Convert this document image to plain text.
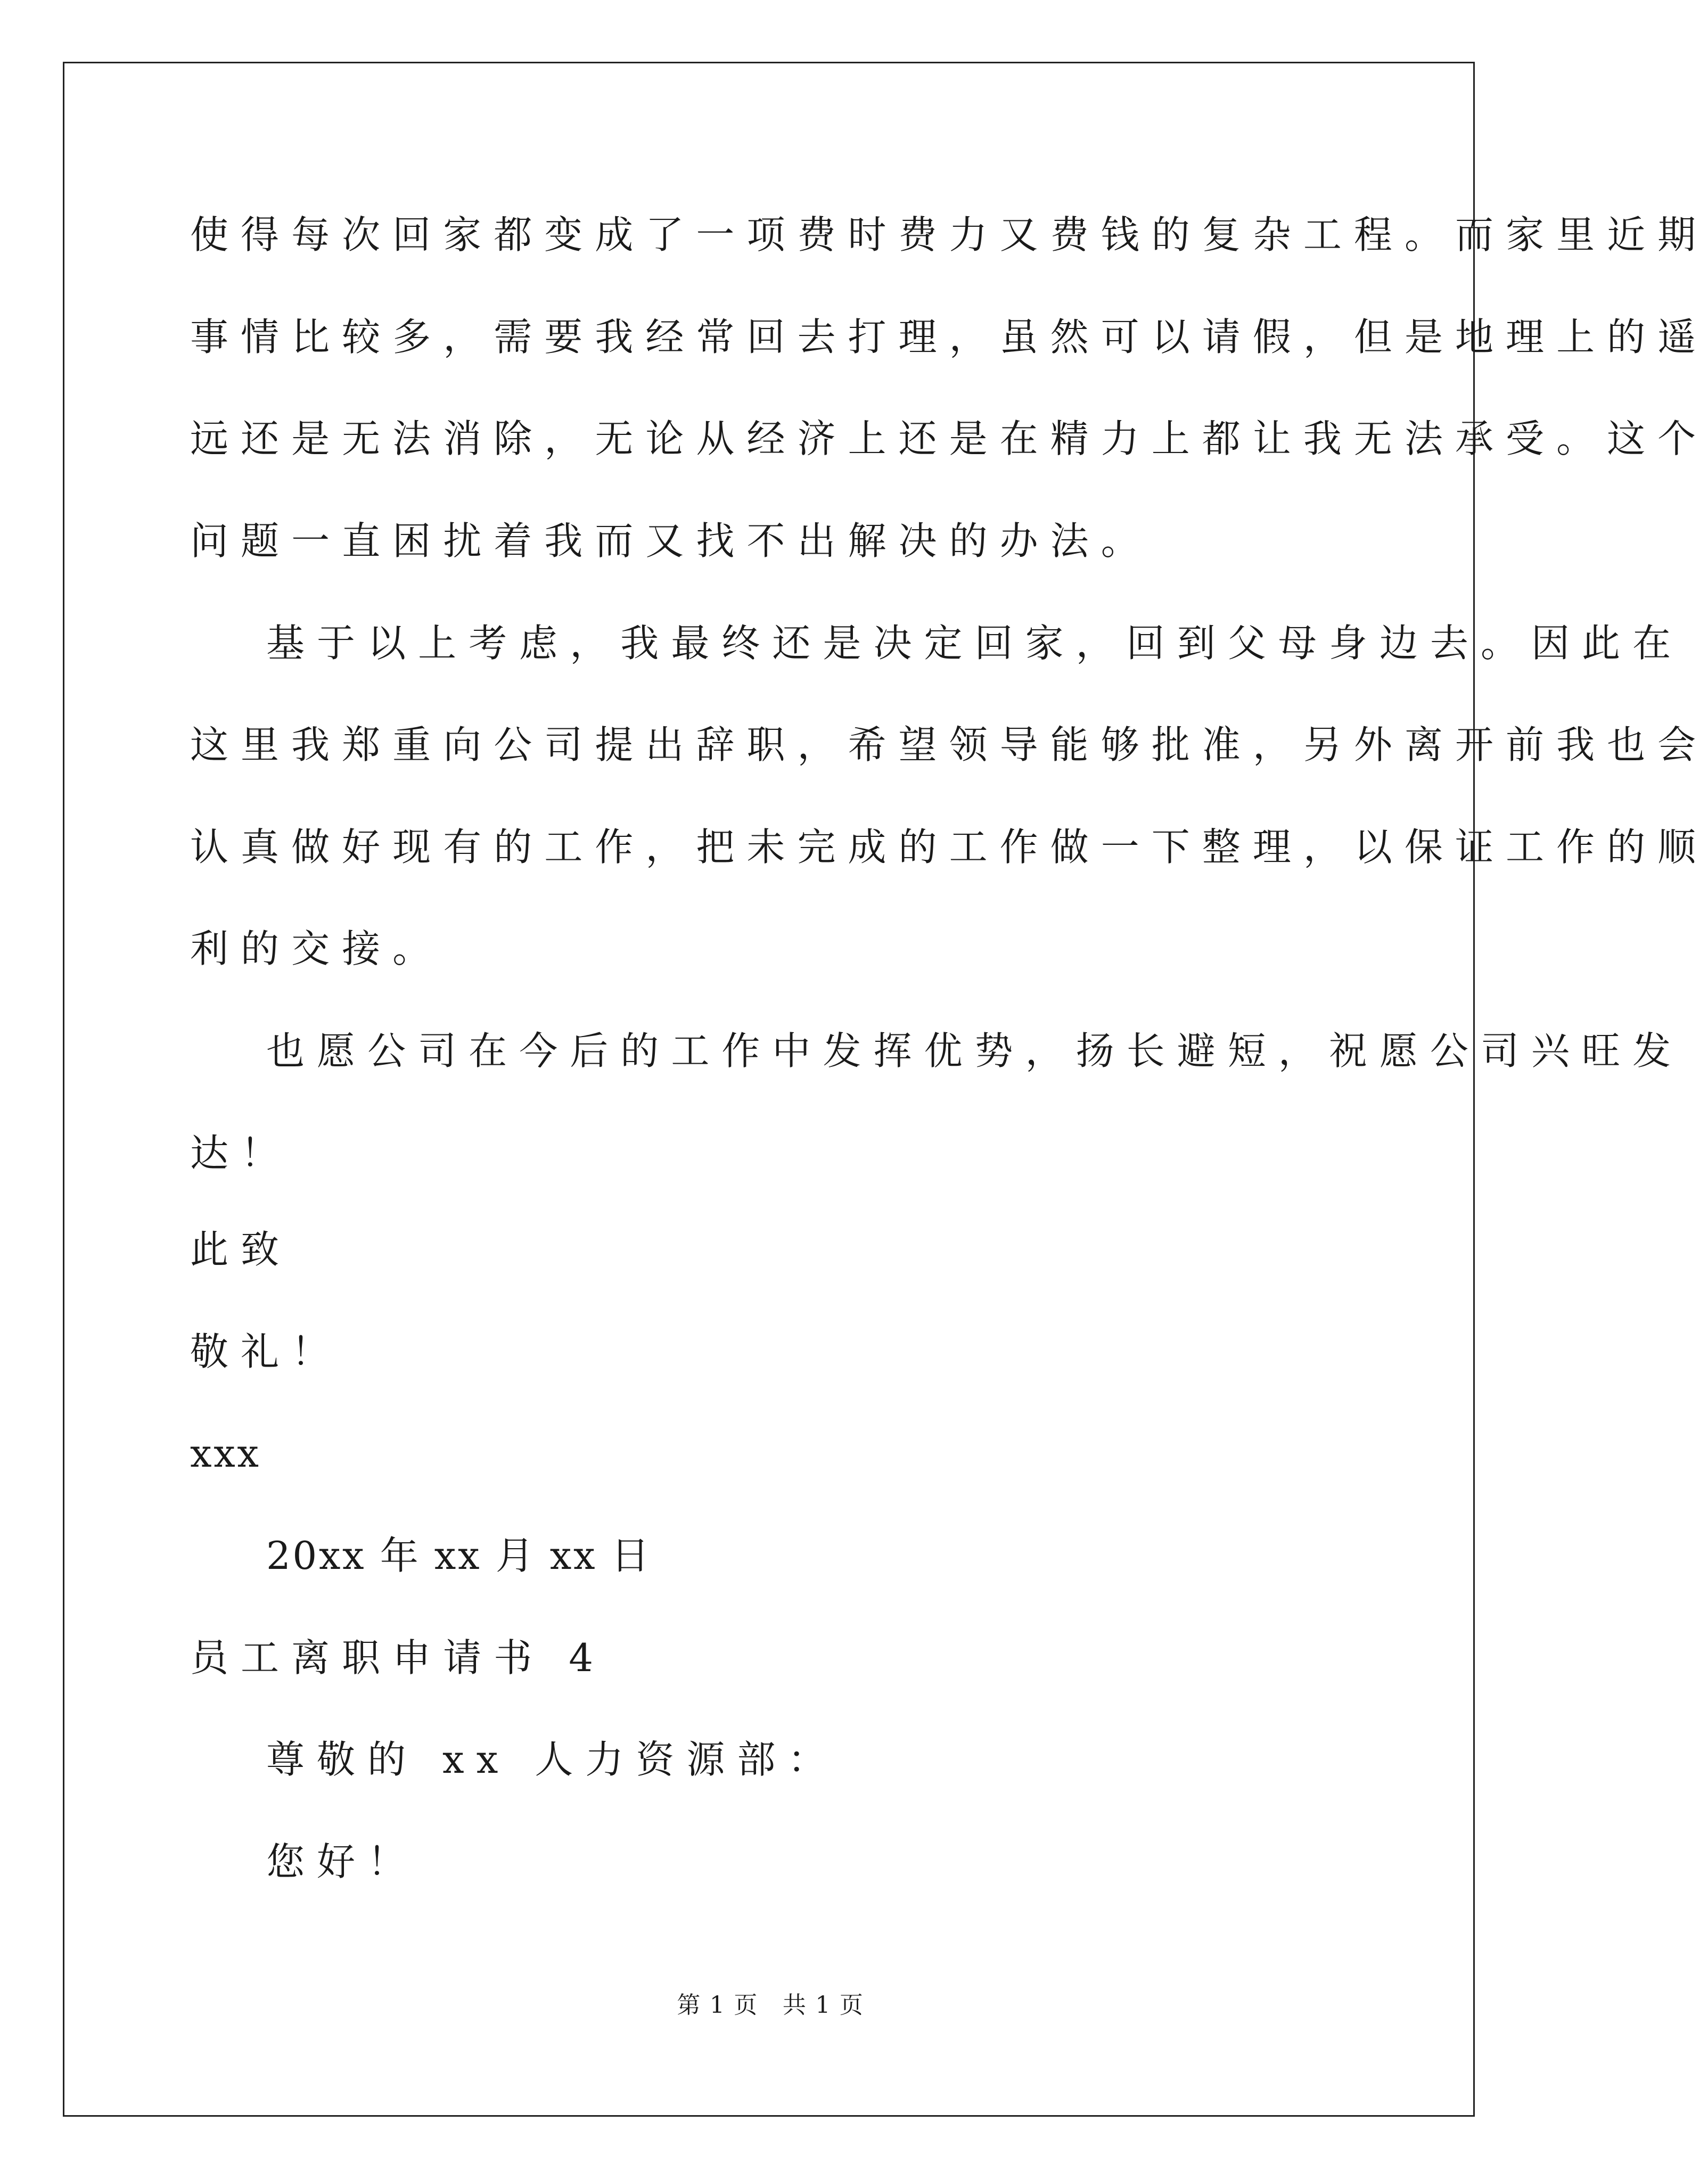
使得每次回家都变成了一项费时费力又费钱的复杂工程。而家里近期
事情比较多，需要我经常回去打理，虽然可以请假，但是地理上的遥
远还是无法消除，无论从经济上还是在精力上都让我无法承受。这个
问题一直困扰着我而又找不出解决的办法。
基于以上考虑，我最终还是决定回家，回到父母身边去。因此在
这里我郑重向公司提出辞职，希望领导能够批准，另外离开前我也会
认真做好现有的工作，把未完成的工作做一下整理，以保证工作的顺
利的交接。
也愿公司在今后的工作中发挥优势，扬长避短，祝愿公司兴旺发
达！
此致
敬礼！
xxx
20xx 年 xx 月 xx 日
员工离职申请书 4
尊敬的 xx 人力资源部：
您好！
第 1 页　共 1 页
